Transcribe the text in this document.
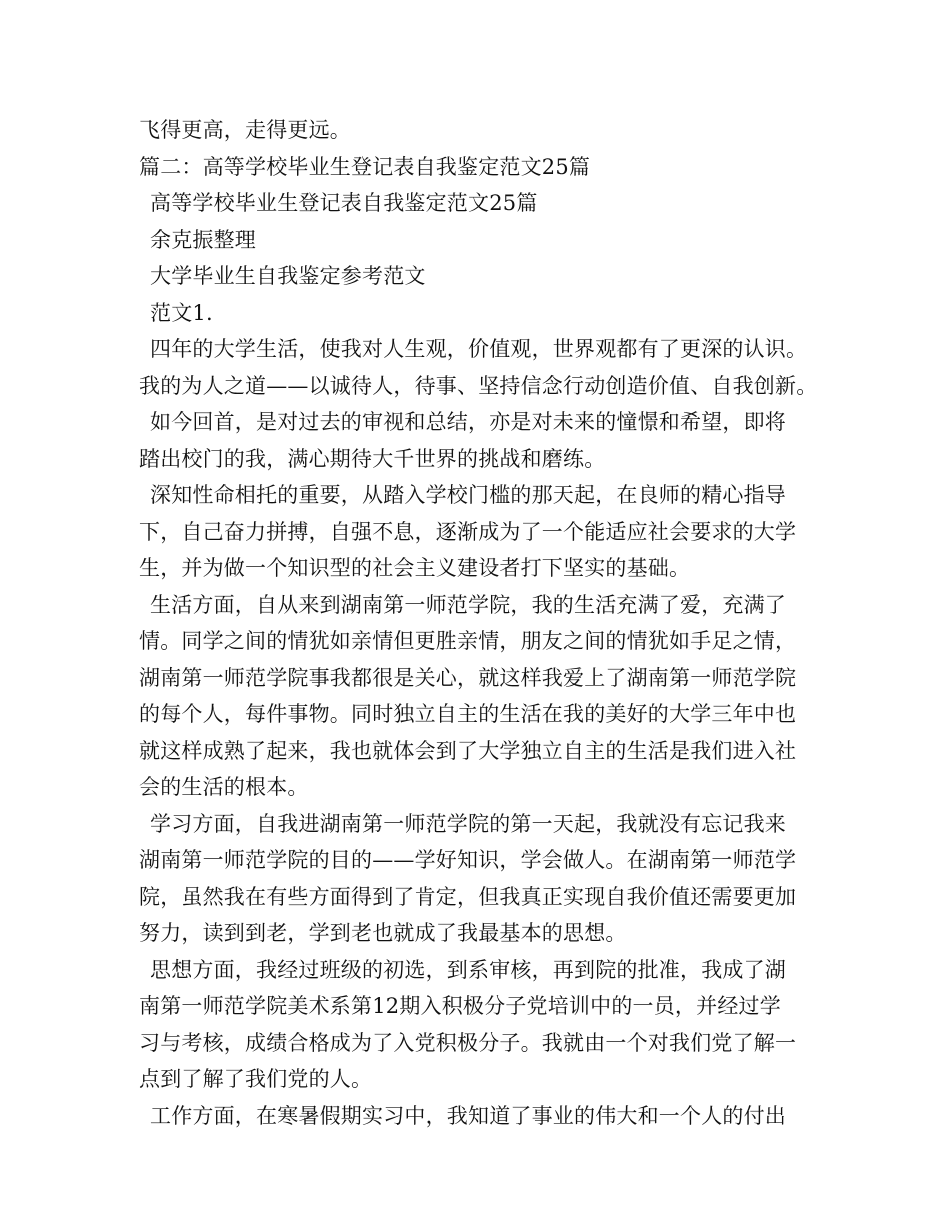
飞得更高，走得更远。
篇二：高等学校毕业生登记表自我鉴定范文25篇
高等学校毕业生登记表自我鉴定范文25篇
余克振整理
大学毕业生自我鉴定参考范文
范文1.
四年的大学生活，使我对人生观，价值观，世界观都有了更深的认识。
我的为人之道——以诚待人，待事、坚持信念行动创造价值、自我创新。
如今回首，是对过去的审视和总结，亦是对未来的憧憬和希望，即将
踏出校门的我，满心期待大千世界的挑战和磨练。
深知性命相托的重要，从踏入学校门槛的那天起，在良师的精心指导
下，自己奋力拼搏，自强不息，逐渐成为了一个能适应社会要求的大学
生，并为做一个知识型的社会主义建设者打下坚实的基础。
生活方面，自从来到湖南第一师范学院，我的生活充满了爱，充满了
情。同学之间的情犹如亲情但更胜亲情，朋友之间的情犹如手足之情，
湖南第一师范学院事我都很是关心，就这样我爱上了湖南第一师范学院
的每个人，每件事物。同时独立自主的生活在我的美好的大学三年中也
就这样成熟了起来，我也就体会到了大学独立自主的生活是我们进入社
会的生活的根本。
学习方面，自我进湖南第一师范学院的第一天起，我就没有忘记我来
湖南第一师范学院的目的——学好知识，学会做人。在湖南第一师范学
院，虽然我在有些方面得到了肯定，但我真正实现自我价值还需要更加
努力，读到到老，学到老也就成了我最基本的思想。
思想方面，我经过班级的初选，到系审核，再到院的批准，我成了湖
南第一师范学院美术系第12期入积极分子党培训中的一员，并经过学
习与考核，成绩合格成为了入党积极分子。我就由一个对我们党了解一
点到了解了我们党的人。
工作方面，在寒暑假期实习中，我知道了事业的伟大和一个人的付出
